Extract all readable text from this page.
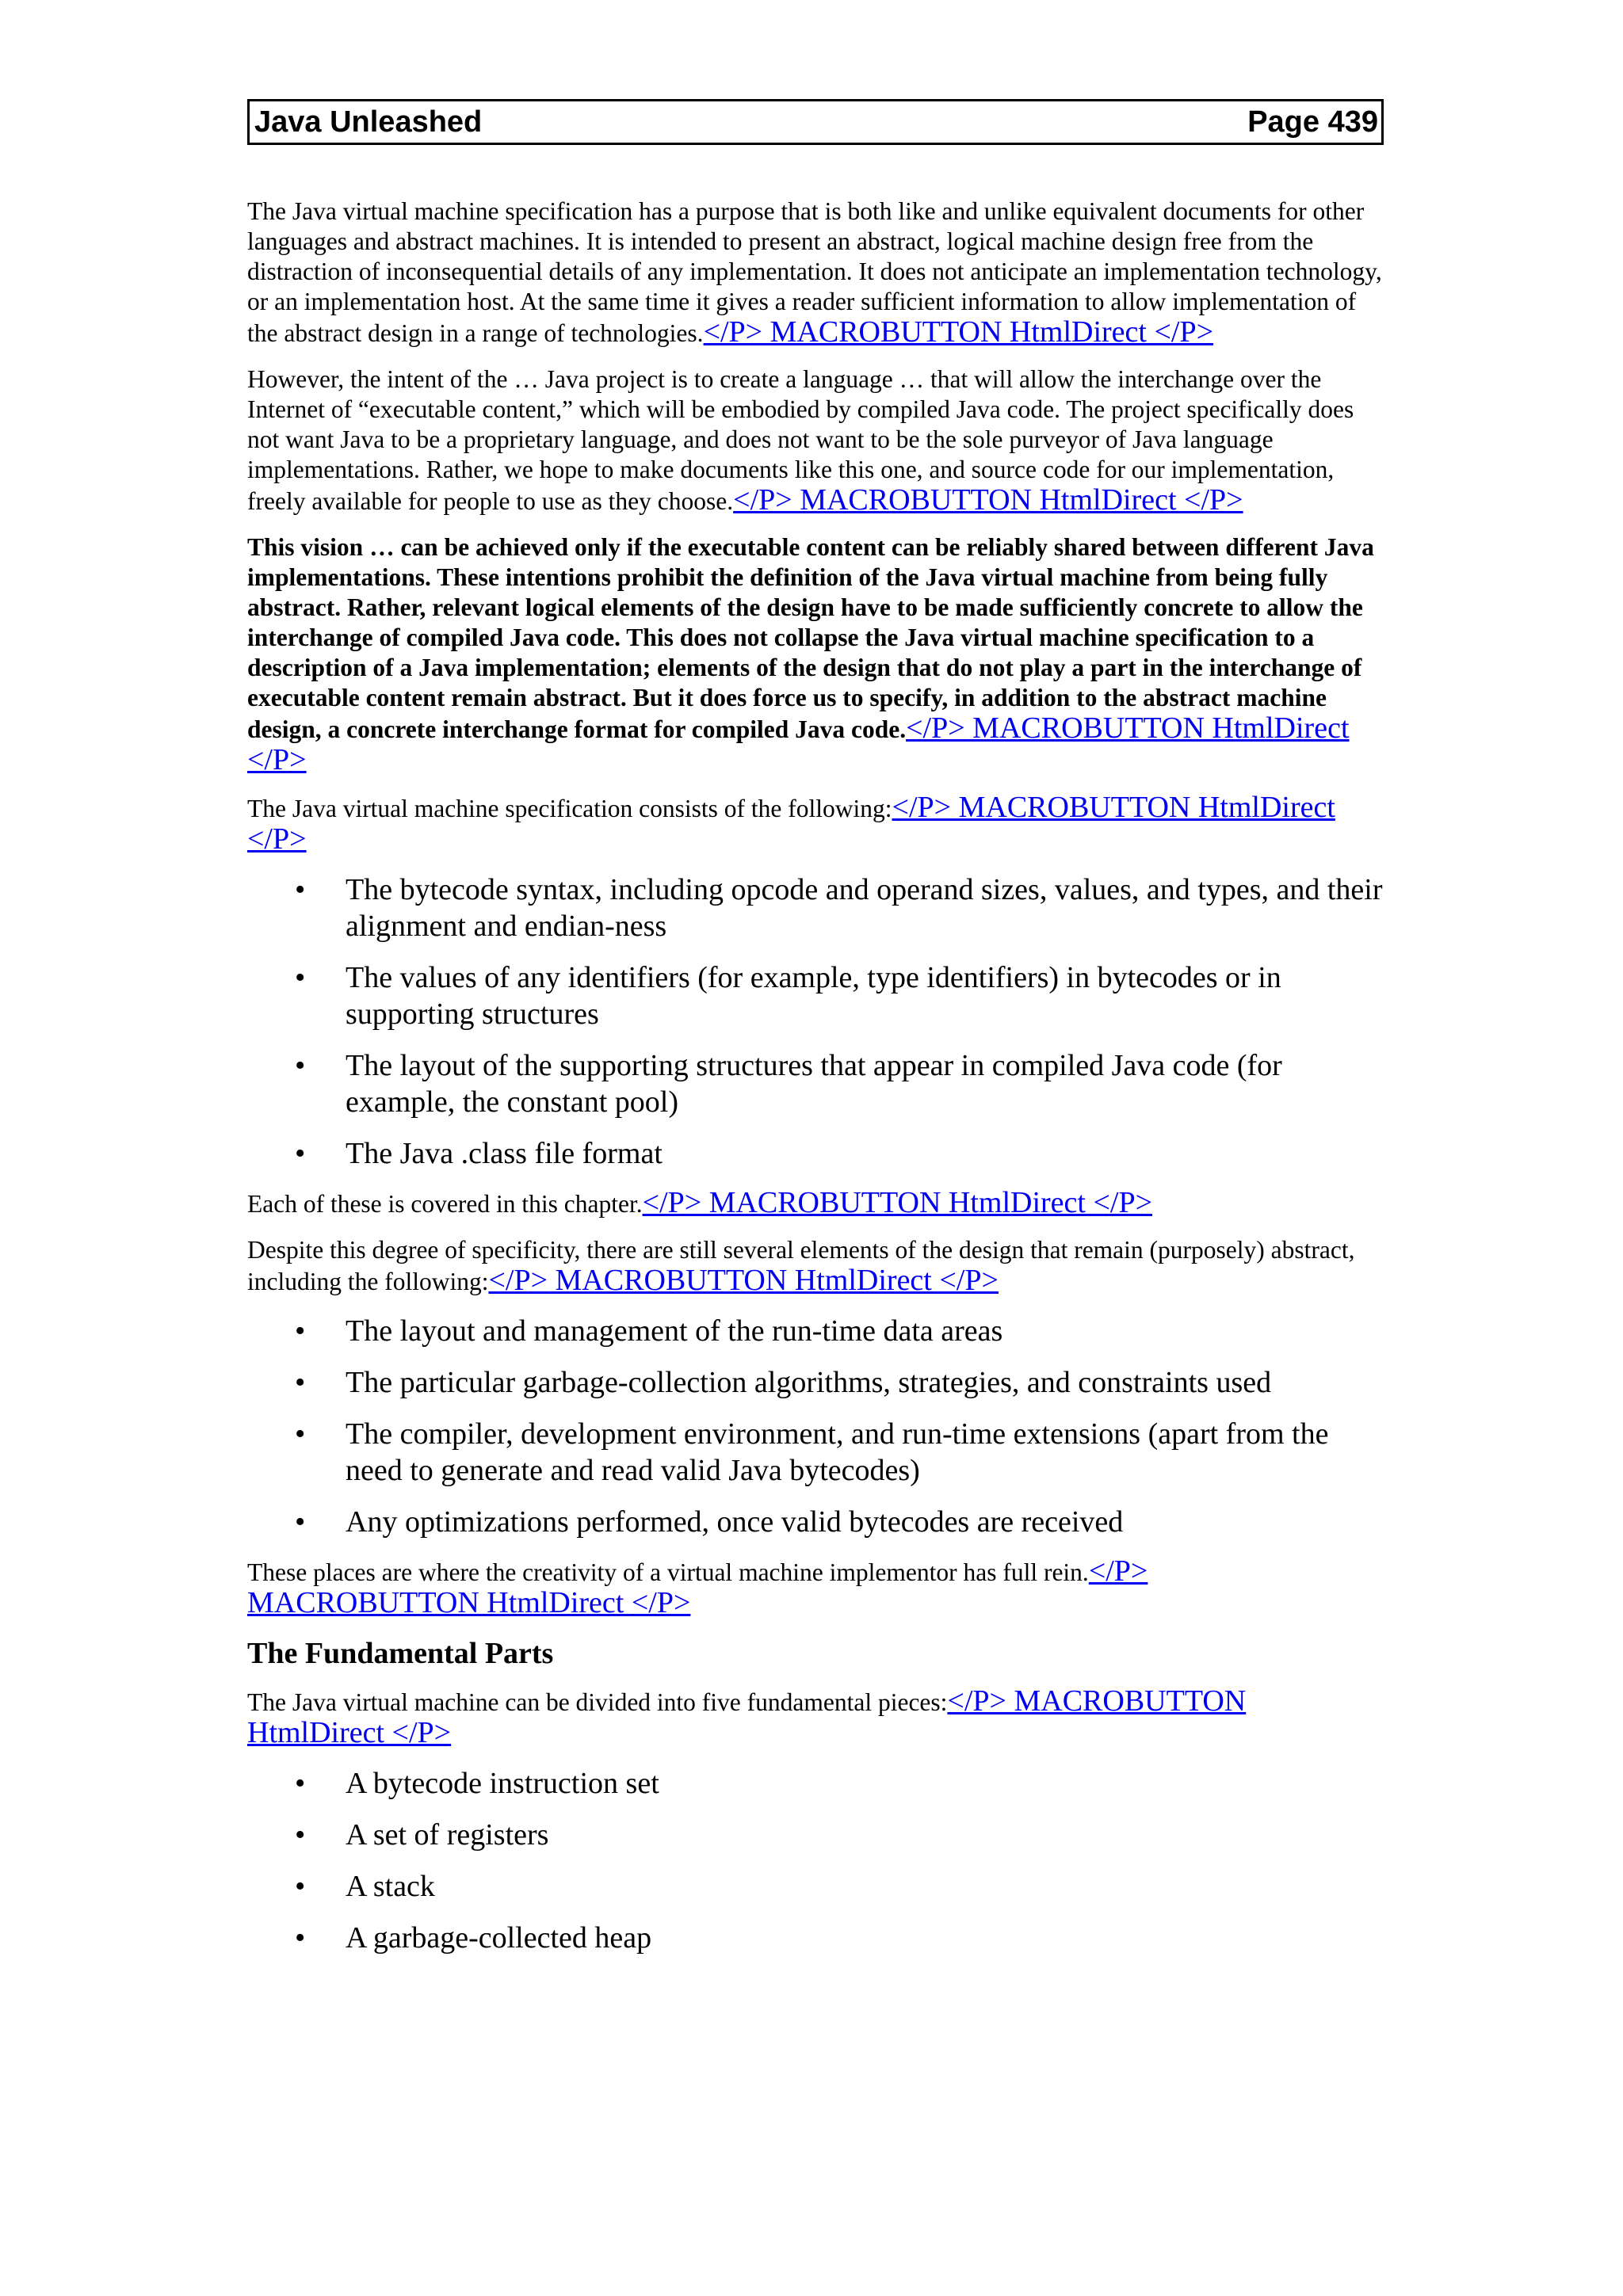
Java Unleashed	Page 439

The Java virtual machine specification has a purpose that is both like and unlike equivalent documents for other languages and abstract machines. It is intended to present an abstract, logical machine design free from the distraction of inconsequential details of any implementation. It does not anticipate an implementation technology, or an implementation host. At the same time it gives a reader sufficient information to allow implementation of the abstract design in a range of technologies.</P> MACROBUTTON HtmlDirect </P>

However, the intent of the … Java project is to create a language … that will allow the interchange over the Internet of “executable content,” which will be embodied by compiled Java code. The project specifically does not want Java to be a proprietary language, and does not want to be the sole purveyor of Java language implementations. Rather, we hope to make documents like this one, and source code for our implementation, freely available for people to use as they choose.</P> MACROBUTTON HtmlDirect </P>

This vision … can be achieved only if the executable content can be reliably shared between different Java implementations. These intentions prohibit the definition of the Java virtual machine from being fully abstract. Rather, relevant logical elements of the design have to be made sufficiently concrete to allow the interchange of compiled Java code. This does not collapse the Java virtual machine specification to a description of a Java implementation; elements of the design that do not play a part in the interchange of executable content remain abstract. But it does force us to specify, in addition to the abstract machine design, a concrete interchange format for compiled Java code.</P> MACROBUTTON HtmlDirect </P>

The Java virtual machine specification consists of the following:</P> MACROBUTTON HtmlDirect </P>

• The bytecode syntax, including opcode and operand sizes, values, and types, and their alignment and endian-ness
• The values of any identifiers (for example, type identifiers) in bytecodes or in supporting structures
• The layout of the supporting structures that appear in compiled Java code (for example, the constant pool)
• The Java .class file format

Each of these is covered in this chapter.</P> MACROBUTTON HtmlDirect </P>

Despite this degree of specificity, there are still several elements of the design that remain (purposely) abstract, including the following:</P> MACROBUTTON HtmlDirect </P>

• The layout and management of the run-time data areas
• The particular garbage-collection algorithms, strategies, and constraints used
• The compiler, development environment, and run-time extensions (apart from the need to generate and read valid Java bytecodes)
• Any optimizations performed, once valid bytecodes are received

These places are where the creativity of a virtual machine implementor has full rein.</P> MACROBUTTON HtmlDirect </P>

The Fundamental Parts

The Java virtual machine can be divided into five fundamental pieces:</P> MACROBUTTON HtmlDirect </P>

• A bytecode instruction set
• A set of registers
• A stack
• A garbage-collected heap
